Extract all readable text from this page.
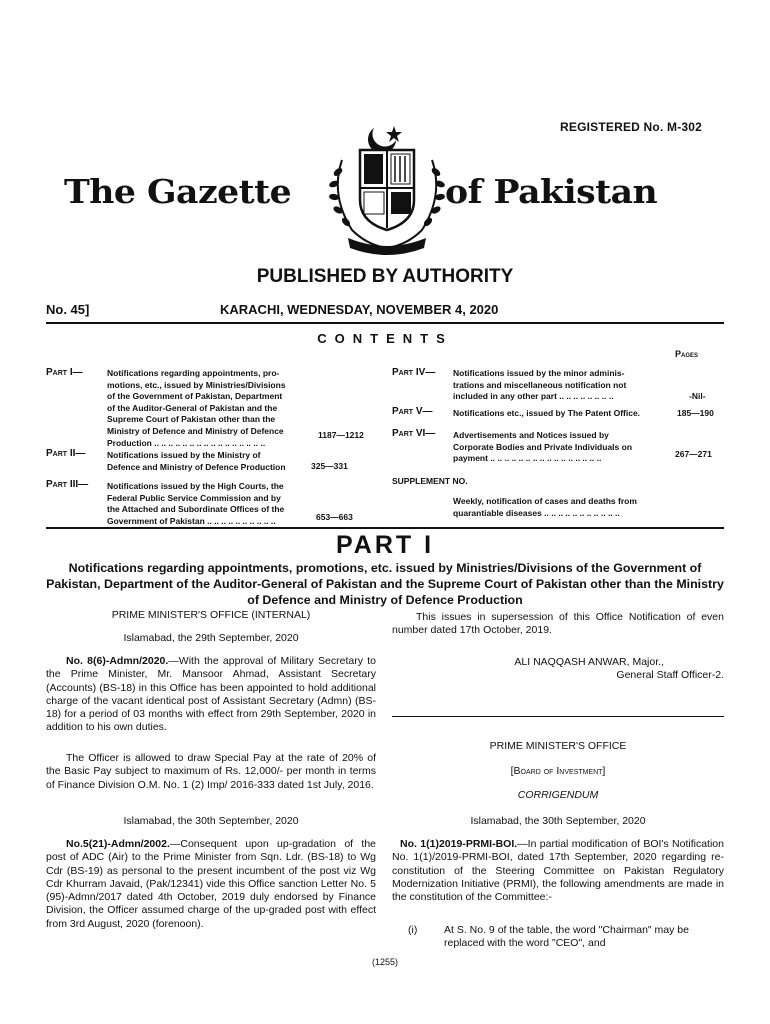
REGISTERED No. M-302
The Gazette	of Pakistan
PUBLISHED BY AUTHORITY
No. 45]	KARACHI, WEDNESDAY, NOVEMBER 4, 2020
CONTENTS
Pages
Part I—	Notifications regarding appointments, pro-
motions, etc., issued by Ministries/Divisions
of the Government of Pakistan, Department
of the Auditor-General of Pakistan and the
Supreme Court of Pakistan other than the
Ministry of Defence and Ministry of Defence
Production .. .. .. .. .. .. .. .. .. .. .. .. .. .. .. ..
1187—1212
Part II—	Notifications issued by the Ministry of
Defence and Ministry of Defence Production	325—331
Part III— Notifications issued by the High Courts, the
Federal Public Service Commission and by
the Attached and Subordinate Offices of the
Government of Pakistan .. .. .. .. .. .. .. .. .. ..	653—663
Part IV— Notifications issued by the minor adminis-
trations and miscellaneous notification not
included in any other part .. .. .. .. .. .. .. ..	-Nil-
Part V— Notifications etc., issued by The Patent Office.	185—190
Part VI— Advertisements and Notices issued by
Corporate Bodies and Private Individuals on
payment .. .. .. .. .. .. .. .. .. .. .. .. .. .. .. ..	267—271
SUPPLEMENT NO.
Weekly, notification of cases and deaths from
quarantiable diseases .. .. .. .. .. .. .. .. .. .. ..
PART I
Notifications regarding appointments, promotions, etc. issued by Ministries/Divisions of the Government of Pakistan, Department of the Auditor-General of Pakistan and the Supreme Court of Pakistan other than the Ministry of Defence and Ministry of Defence Production
PRIME MINISTER'S OFFICE (INTERNAL)
Islamabad, the 29th September, 2020
No. 8(6)-Admn/2020.—With the approval of Military Secretary to the Prime Minister, Mr. Mansoor Ahmad, Assistant Secretary (Accounts) (BS-18) in this Office has been appointed to hold additional charge of the vacant identical post of Assistant Secretary (Admn) (BS-18) for a period of 03 months with effect from 29th September, 2020 in addition to his own duties.
The Officer is allowed to draw Special Pay at the rate of 20% of the Basic Pay subject to maximum of Rs. 12,000/- per month in terms of Finance Division O.M. No. 1 (2) Imp/ 2016-333 dated 1st July, 2016.
Islamabad, the 30th September, 2020
No.5(21)-Admn/2002.—Consequent upon up-gradation of the post of ADC (Air) to the Prime Minister from Sqn. Ldr. (BS-18) to Wg Cdr (BS-19) as personal to the present incumbent of the post viz Wg Cdr Khurram Javaid, (Pak/12341) vide this Office sanction Letter No. 5 (95)-Admn/2017 dated 4th October, 2019 duly endorsed by Finance Division, the Officer assumed charge of the up-graded post with effect from 3rd August, 2020 (forenoon).
This issues in supersession of this Office Notification of even number dated 17th October, 2019.
ALI NAQQASH ANWAR, Major.,
General Staff Officer-2.
PRIME MINISTER'S OFFICE
[Board of Investment]
CORRIGENDUM
Islamabad, the 30th September, 2020
No. 1(1)2019-PRMI-BOI.—In partial modification of BOI's Notification No. 1(1)/2019-PRMI-BOI, dated 17th September, 2020 regarding re-constitution of the Steering Committee on Pakistan Regulatory Modernization Initiative (PRMI), the following amendments are made in the constitution of the Committee:-
(i)	At S. No. 9 of the table, the word "Chairman" may be replaced with the word "CEO", and
(1255)
